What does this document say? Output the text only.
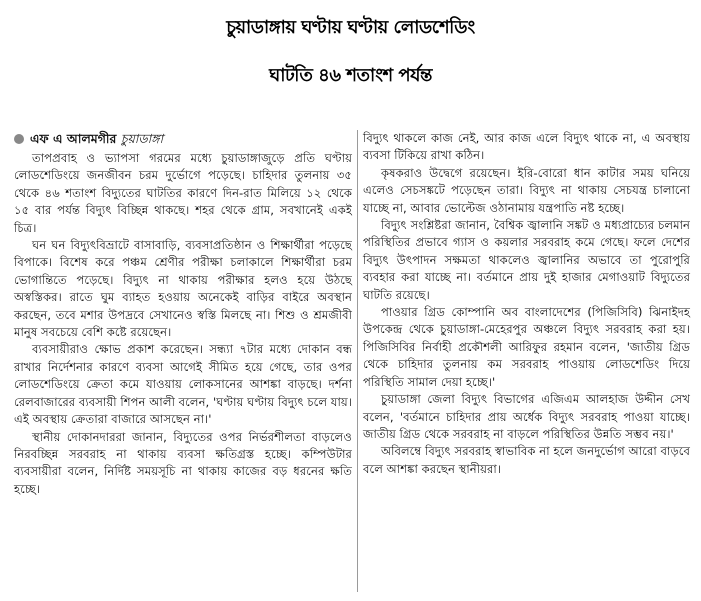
চুয়াডাঙ্গায় ঘণ্টায় ঘণ্টায় লোডশেডিং
ঘাটতি ৪৬ শতাংশ পর্যন্ত
এফ এ আলমগীর চুয়াডাঙ্গা

তাপপ্রবাহ ও ভ্যাপসা গরমের মধ্যে চুয়াডাঙ্গাজুড়ে প্রতি ঘণ্টায় লোডশেডিংয়ে জনজীবন চরম দুর্ভোগে পড়েছে। চাহিদার তুলনায় ৩৫ থেকে ৪৬ শতাংশ বিদ্যুতের ঘাটতির কারণে দিন-রাত মিলিয়ে ১২ থেকে ১৫ বার পর্যন্ত বিদ্যুৎ বিচ্ছিন্ন থাকছে। শহর থেকে গ্রাম, সবখানেই একই চিত্র।

ঘন ঘন বিদ্যুৎবিভ্রাটে বাসাবাড়ি, ব্যবসাপ্রতিষ্ঠান ও শিক্ষার্থীরা পড়েছে বিপাকে। বিশেষ করে পঞ্চম শ্রেণীর পরীক্ষা চলাকালে শিক্ষার্থীরা চরম ভোগান্তিতে পড়েছে। বিদ্যুৎ না থাকায় পরীক্ষার হলও হয়ে উঠছে অস্বস্তিকর। রাতে ঘুম ব্যাহত হওয়ায় অনেকেই বাড়ির বাইরে অবস্থান করছেন, তবে মশার উপদ্রবে সেখানেও স্বস্তি মিলছে না। শিশু ও শ্রমজীবী মানুষ সবচেয়ে বেশি কষ্টে রয়েছেন।

ব্যবসায়ীরাও ক্ষোভ প্রকাশ করেছেন। সন্ধ্যা ৭টার মধ্যে দোকান বন্ধ রাখার নির্দেশনার কারণে ব্যবসা আগেই সীমিত হয়ে গেছে, তার ওপর লোডশেডিংয়ে ক্রেতা কমে যাওয়ায় লোকসানের আশঙ্কা বাড়ছে। দর্শনা রেলবাজারের ব্যবসায়ী শিপন আলী বলেন, 'ঘণ্টায় ঘণ্টায় বিদ্যুৎ চলে যায়। এই অবস্থায় ক্রেতারা বাজারে আসছেন না।'

স্থানীয় দোকানদাররা জানান, বিদ্যুতের ওপর নির্ভরশীলতা বাড়লেও নিরবচ্ছিন্ন সরবরাহ না থাকায় ব্যবসা ক্ষতিগ্রস্ত হচ্ছে। কম্পিউটার ব্যবসায়ীরা বলেন, নির্দিষ্ট সময়সূচি না থাকায় কাজের বড় ধরনের ক্ষতি হচ্ছে।

বিদ্যুৎ থাকলে কাজ নেই, আর কাজ এলে বিদ্যুৎ থাকে না, এ অবস্থায় ব্যবসা টিকিয়ে রাখা কঠিন।

কৃষকরাও উদ্বেগে রয়েছেন। ইরি-বোরো ধান কাটার সময় ঘনিয়ে এলেও সেচসঙ্কটে পড়েছেন তারা। বিদ্যুৎ না থাকায় সেচযন্ত্র চালানো যাচ্ছে না, আবার ভোল্টেজ ওঠানামায় যন্ত্রপাতি নষ্ট হচ্ছে।

বিদ্যুৎ সংশ্লিষ্টরা জানান, বৈশ্বিক জ্বালানি সঙ্কট ও মধ্যপ্রাচ্যের চলমান পরিস্থিতির প্রভাবে গ্যাস ও কয়লার সরবরাহ কমে গেছে। ফলে দেশের বিদ্যুৎ উৎপাদন সক্ষমতা থাকলেও জ্বালানির অভাবে তা পুরোপুরি ব্যবহার করা যাচ্ছে না। বর্তমানে প্রায় দুই হাজার মেগাওয়াট বিদ্যুতের ঘাটতি রয়েছে।

পাওয়ার গ্রিড কোম্পানি অব বাংলাদেশের (পিজিসিবি) ঝিনাইদহ উপকেন্দ্র থেকে চুয়াডাঙ্গা-মেহেরপুর অঞ্চলে বিদ্যুৎ সরবরাহ করা হয়। পিজিসিবির নির্বাহী প্রকৌশলী আরিফুর রহমান বলেন, 'জাতীয় গ্রিড থেকে চাহিদার তুলনায় কম সরবরাহ পাওয়ায় লোডশেডিং দিয়ে পরিস্থিতি সামাল দেয়া হচ্ছে।'

চুয়াডাঙ্গা জেলা বিদ্যুৎ বিভাগের এজিএম আলহাজ উদ্দীন সেখ বলেন, 'বর্তমানে চাহিদার প্রায় অর্ধেক বিদ্যুৎ সরবরাহ পাওয়া যাচ্ছে। জাতীয় গ্রিড থেকে সরবরাহ না বাড়লে পরিস্থিতির উন্নতি সম্ভব নয়।'

অবিলম্বে বিদ্যুৎ সরবরাহ স্বাভাবিক না হলে জনদুর্ভোগ আরো বাড়বে বলে আশঙ্কা করছেন স্থানীয়রা।
